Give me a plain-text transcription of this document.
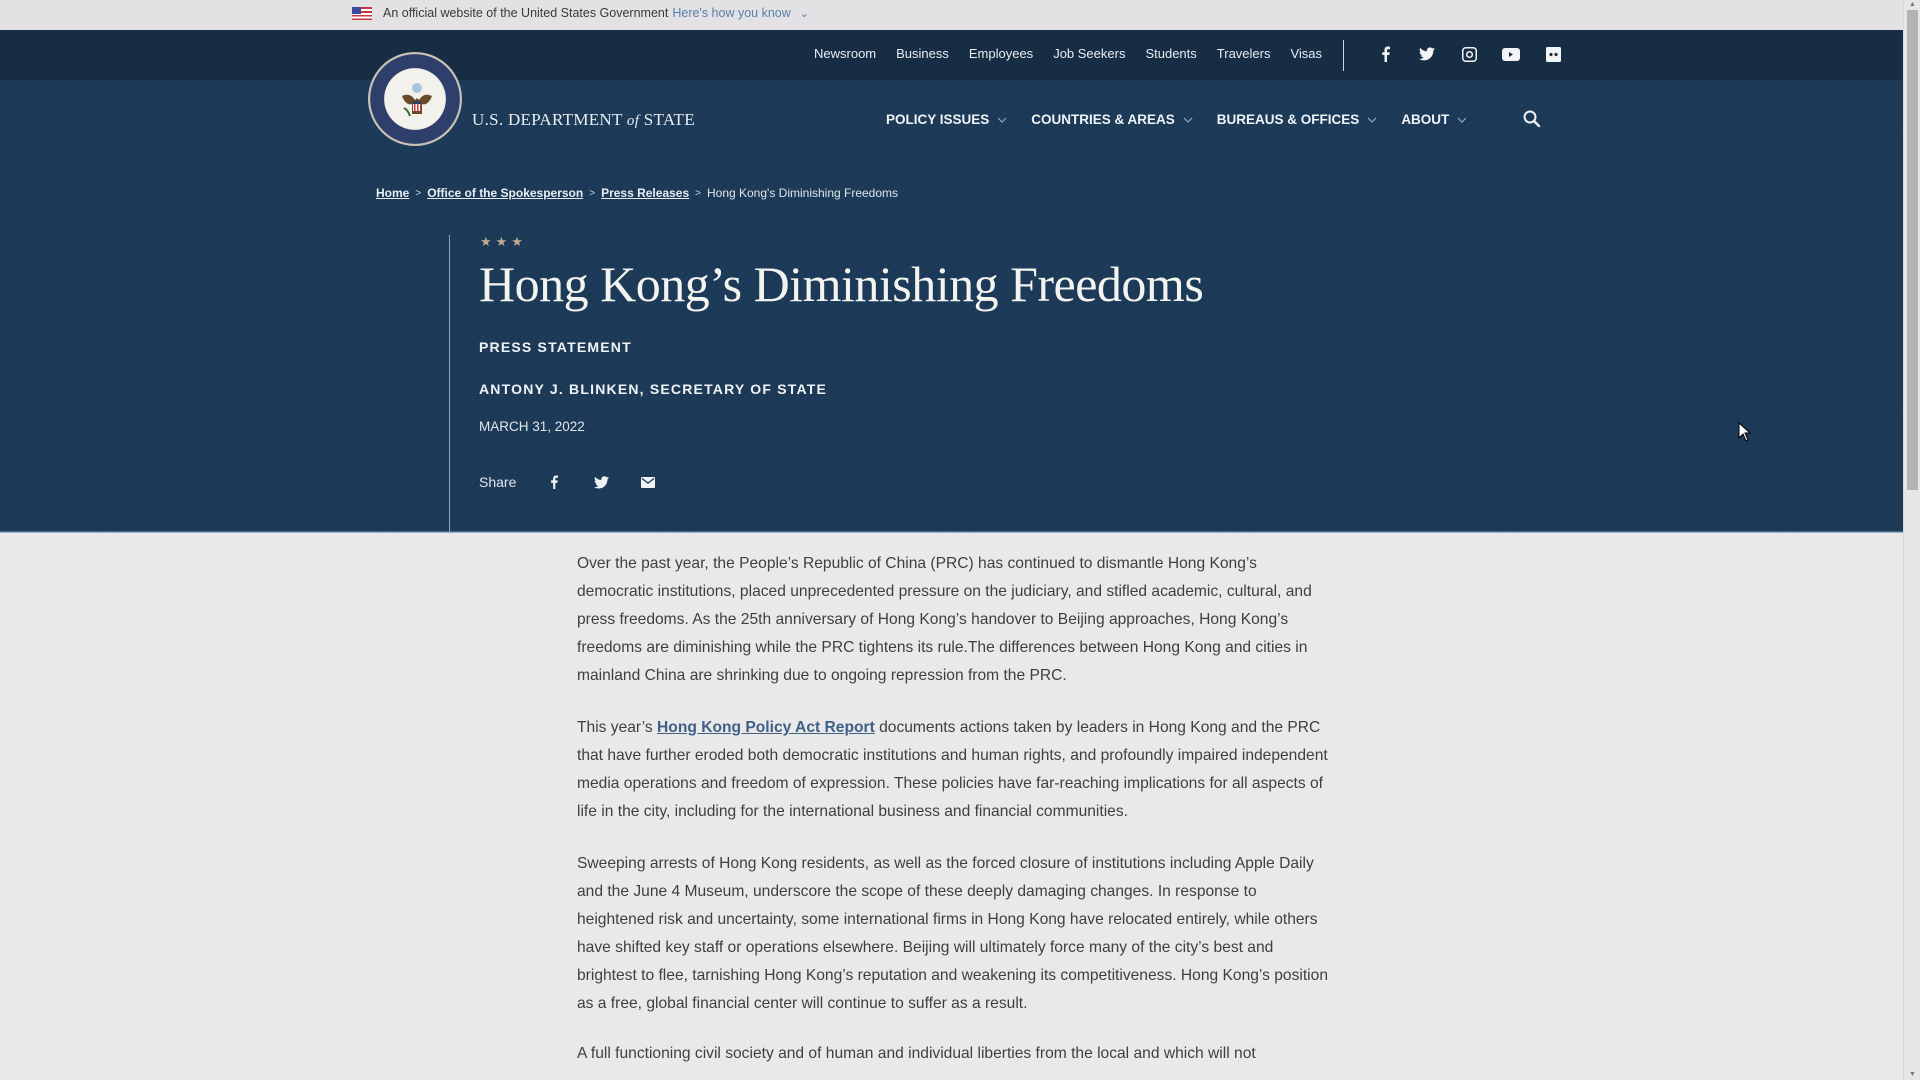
An official website of the United States Government Here's how you know ⌄
Newsroom Business Employees Job Seekers Students Travelers Visas
U.S. DEPARTMENT of STATE	POLICY ISSUES	COUNTRIES & AREAS	BUREAUS & OFFICES	ABOUT
Home > Office of the Spokesperson > Press Releases > Hong Kong's Diminishing Freedoms
★★★
Hong Kong’s Diminishing Freedoms
PRESS STATEMENT
ANTONY J. BLINKEN, SECRETARY OF STATE
MARCH 31, 2022
Share

Over the past year, the People’s Republic of China (PRC) has continued to dismantle Hong Kong’s democratic institutions, placed unprecedented pressure on the judiciary, and stifled academic, cultural, and press freedoms. As the 25th anniversary of Hong Kong’s handover to Beijing approaches, Hong Kong’s freedoms are diminishing while the PRC tightens its rule.The differences between Hong Kong and cities in mainland China are shrinking due to ongoing repression from the PRC.

This year’s Hong Kong Policy Act Report documents actions taken by leaders in Hong Kong and the PRC that have further eroded both democratic institutions and human rights, and profoundly impaired independent media operations and freedom of expression. These policies have far-reaching implications for all aspects of life in the city, including for the international business and financial communities.

Sweeping arrests of Hong Kong residents, as well as the forced closure of institutions including Apple Daily and the June 4 Museum, underscore the scope of these deeply damaging changes. In response to heightened risk and uncertainty, some international firms in Hong Kong have relocated entirely, while others have shifted key staff or operations elsewhere. Beijing will ultimately force many of the city’s best and brightest to flee, tarnishing Hong Kong’s reputation and weakening its competitiveness. Hong Kong’s position as a free, global financial center will continue to suffer as a result.

A full functioning civil society and of human and individual liberties from the local and which will not
▲
▼
